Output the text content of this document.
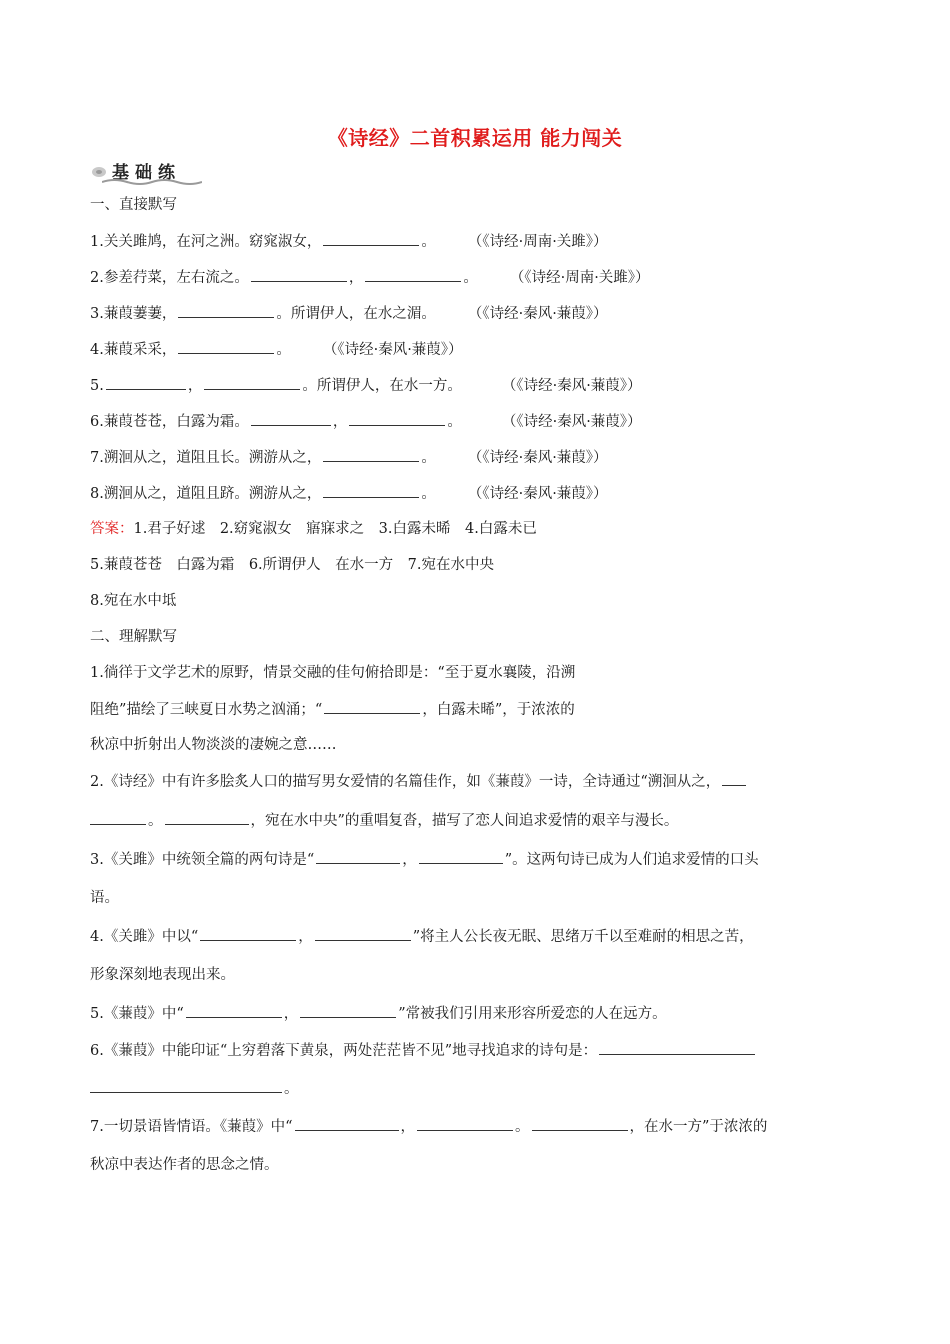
《诗经》二首积累运用 能力闯关
基础练
一、直接默写
1.关关雎鸠，在河之洲。窈窕淑女，	。 （《诗经·周南·关雎》）
2.参差荇菜，左右流之。	，	。 （《诗经·周南·关雎》）
3.蒹葭萋萋，	。所谓伊人，在水之湄。 （《诗经·秦风·蒹葭》）
4.蒹葭采采，	。 （《诗经·秦风·蒹葭》）
5.	，	。所谓伊人，在水一方。	（《诗经·秦风·蒹葭》）
6.蒹葭苍苍，白露为霜。	，	。	（《诗经·秦风·蒹葭》）
7.溯洄从之，道阻且长。溯游从之，	。 （《诗经·秦风·蒹葭》）
8.溯洄从之，道阻且跻。溯游从之，	。 （《诗经·秦风·蒹葭》）
答案：1.君子好逑　2.窈窕淑女　寤寐求之　3.白露未晞　4.白露未已
5.蒹葭苍苍　白露为霜　6.所谓伊人　在水一方　7.宛在水中央
8.宛在水中坻
二、理解默写
1.徜徉于文学艺术的原野，情景交融的佳句俯拾即是：“至于夏水襄陵，沿溯
阻绝”描绘了三峡夏日水势之汹涌；“	，白露未晞”，于浓浓的
秋凉中折射出人物淡淡的凄婉之意……
2.《诗经》中有许多脍炙人口的描写男女爱情的名篇佳作，如《蒹葭》一诗，全诗通过“溯洄从之，
。	，宛在水中央”的重唱复沓，描写了恋人间追求爱情的艰辛与漫长。
3.《关雎》中统领全篇的两句诗是“	，	”。这两句诗已成为人们追求爱情的口头
语。
4.《关雎》中以“	，	”将主人公长夜无眠、思绪万千以至难耐的相思之苦，
形象深刻地表现出来。
5.《蒹葭》中“	，	”常被我们引用来形容所爱恋的人在远方。
6.《蒹葭》中能印证“上穷碧落下黄泉，两处茫茫皆不见”地寻找追求的诗句是：
。
7.一切景语皆情语。《蒹葭》中“	，	。	，在水一方”于浓浓的
秋凉中表达作者的思念之情。
